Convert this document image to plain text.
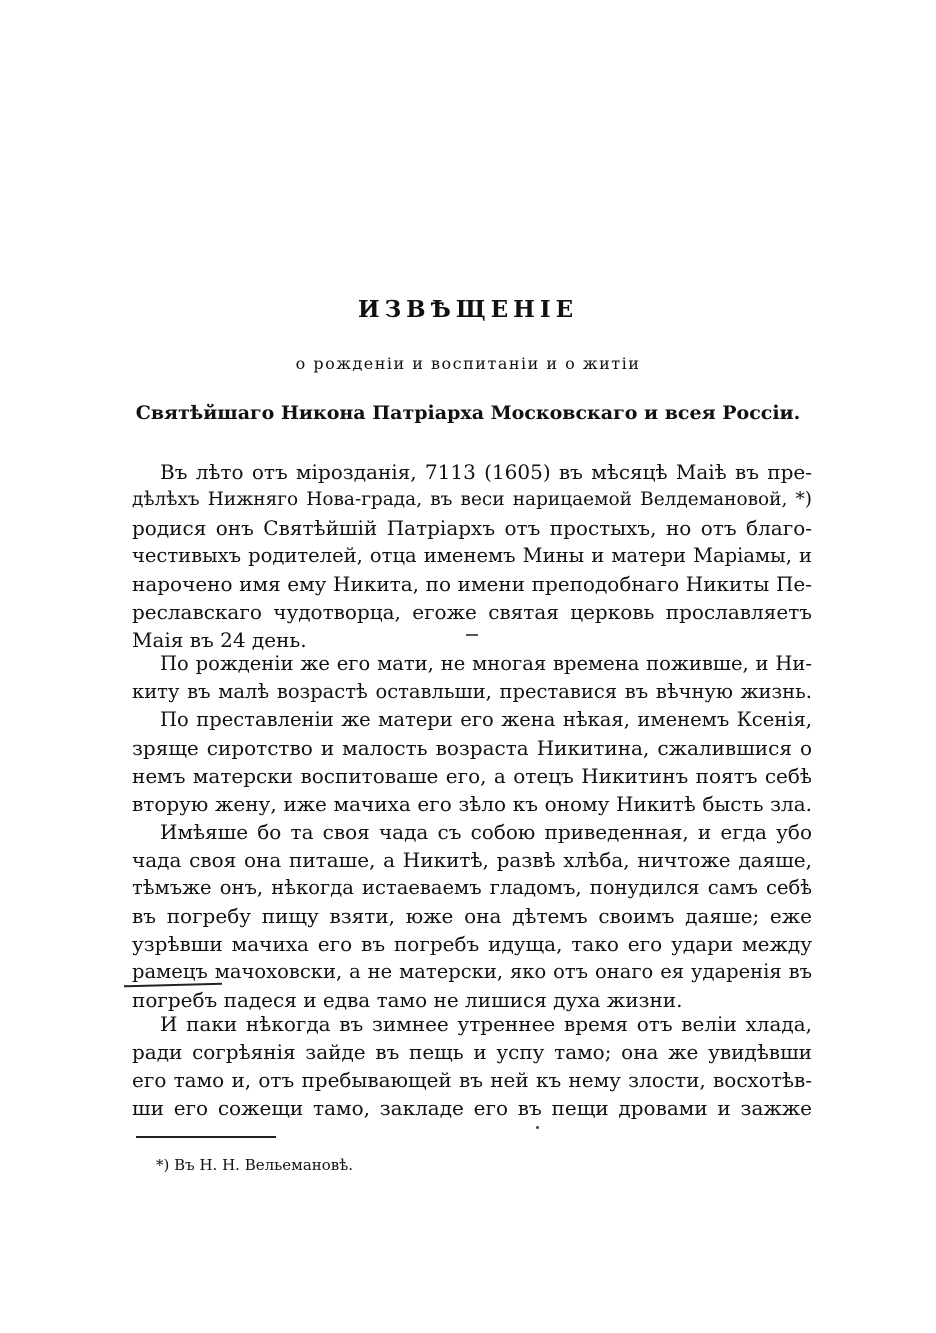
ИЗВѢЩЕНІЕ
о рожденіи и воспитаніи и о житіи
Святѣйшаго Никона Патріарха Московскаго и всея Россіи.
Въ лѣто отъ мірозданія, 7113 (1605) въ мѣсяцѣ Маіѣ въ пре-
дѣлѣхъ Нижняго Нова-града, въ веси нарицаемой Велдемановой, *)
родися онъ Святѣйшій Патріархъ отъ простыхъ, но отъ благо-
честивыхъ родителей, отца именемъ Мины и матери Маріамы, и
нарочено имя ему Никита, по имени преподобнаго Никиты Пе-
реславскаго чудотворца, егоже святая церковь прославляетъ
Маія въ 24 день.
По рожденіи же его мати, не многая времена поживше, и Ни-
киту въ малѣ возрастѣ оставльши, преставися въ вѣчную жизнь.
По преставленіи же матери его жена нѣкая, именемъ Ксенія,
зряще сиротство и малость возраста Никитина, сжалившися о
немъ матерски воспитоваше его, а отецъ Никитинъ поятъ себѣ
вторую жену, иже мачиха его зѣло къ оному Никитѣ бысть зла.
Имѣяше бо та своя чада съ собою приведенная, и егда убо
чада своя она питаше, а Никитѣ, развѣ хлѣба, ничтоже даяше,
тѣмъже онъ, нѣкогда истаеваемъ гладомъ, понудился самъ себѣ
въ погребу пищу взяти, юже она дѣтемъ своимъ даяше; еже
узрѣвши мачиха его въ погребъ идуща, тако его удари между
рамецъ мачоховски, а не матерски, яко отъ онаго ея ударенія въ
погребъ падеся и едва тамо не лишися духа жизни.
И паки нѣкогда въ зимнее утреннее время отъ веліи хлада,
ради согрѣянія зайде въ пещь и успу тамо; она же увидѣвши
его тамо и, отъ пребывающей въ ней къ нему злости, восхотѣв-
ши его сожещи тамо, закладе его въ пещи дровами и зажже
*) Въ Н. Н. Вельемановѣ.
